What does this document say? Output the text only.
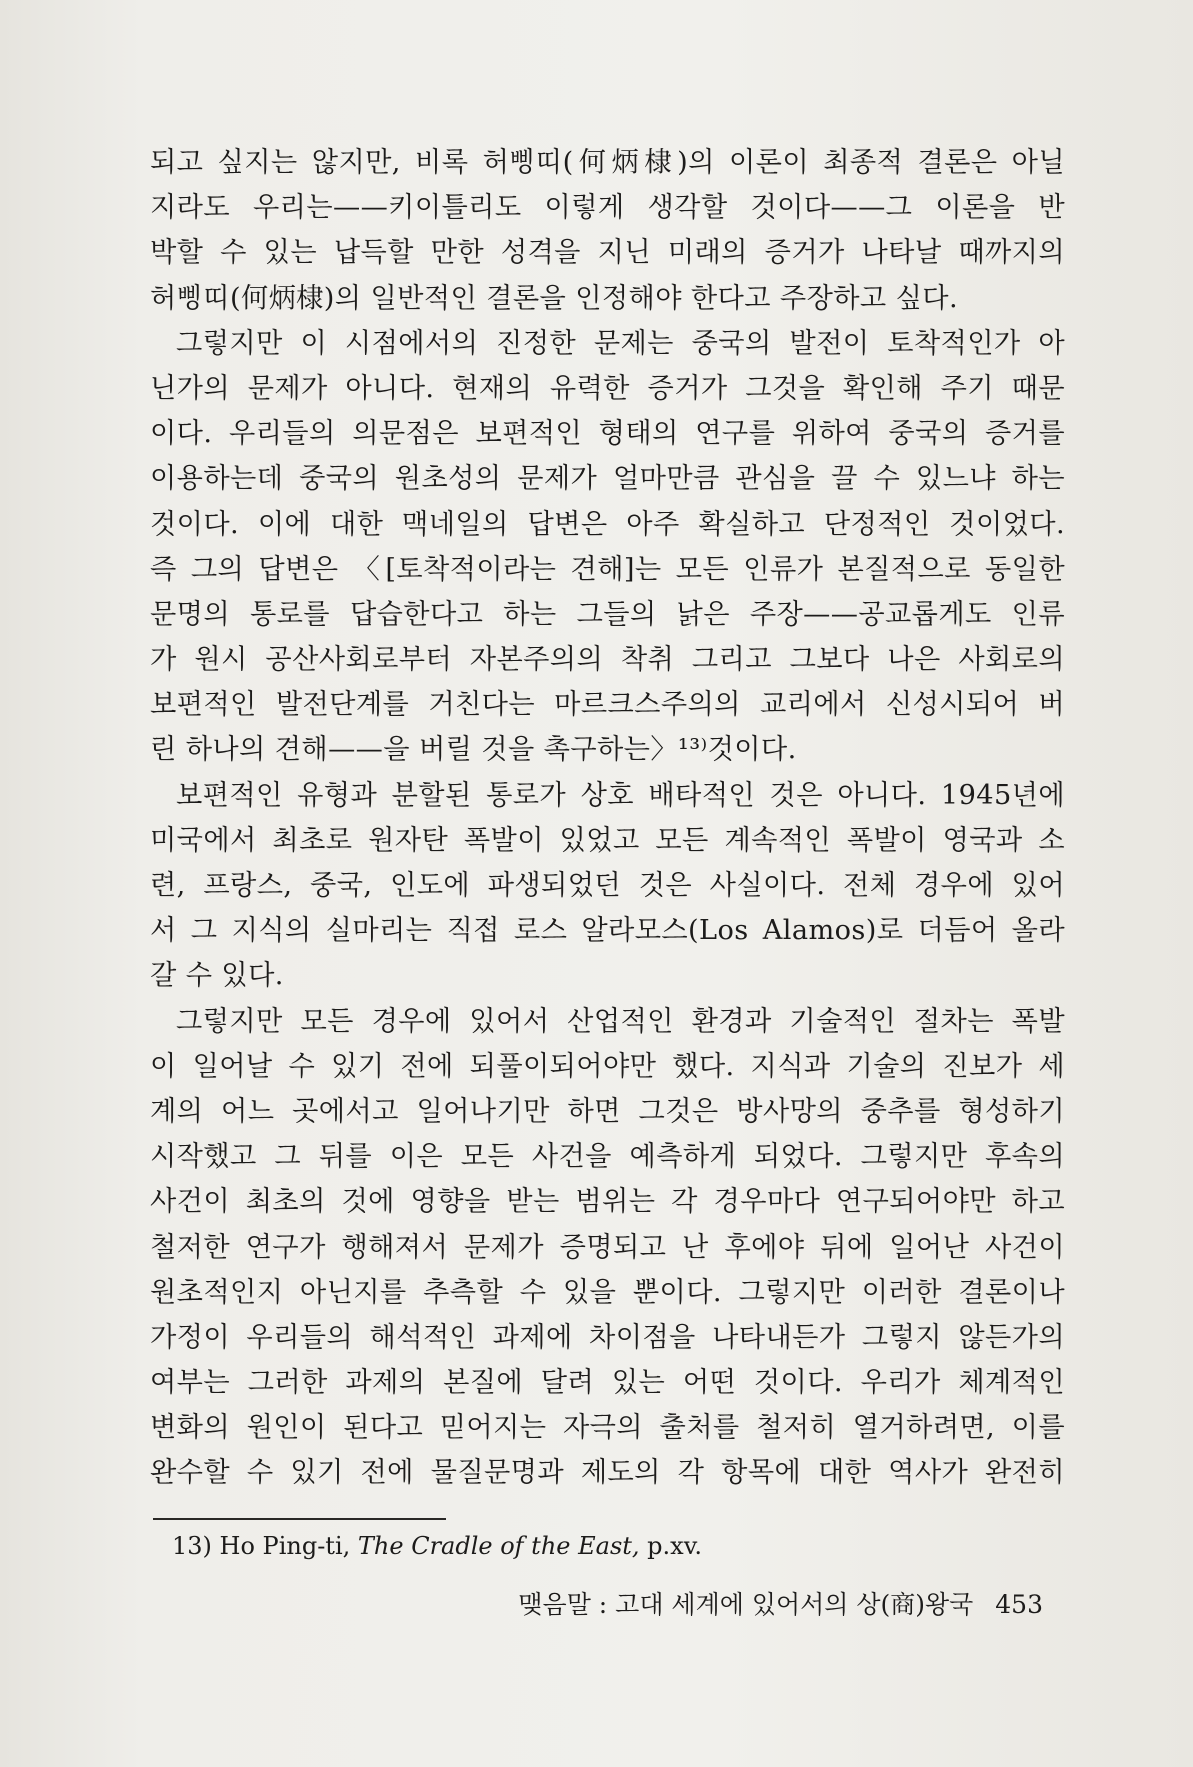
되고 싶지는 않지만, 비록 허삥띠(何炳棣)의 이론이 최종적 결론은 아닐
지라도 우리는——키이틀리도 이렇게 생각할 것이다——그 이론을 반
박할 수 있는 납득할 만한 성격을 지닌 미래의 증거가 나타날 때까지의
허삥띠(何炳棣)의 일반적인 결론을 인정해야 한다고 주장하고 싶다.
그렇지만 이 시점에서의 진정한 문제는 중국의 발전이 토착적인가 아
닌가의 문제가 아니다. 현재의 유력한 증거가 그것을 확인해 주기 때문
이다. 우리들의 의문점은 보편적인 형태의 연구를 위하여 중국의 증거를
이용하는데 중국의 원초성의 문제가 얼마만큼 관심을 끌 수 있느냐 하는
것이다. 이에 대한 맥네일의 답변은 아주 확실하고 단정적인 것이었다.
즉 그의 답변은 〈[토착적이라는 견해]는 모든 인류가 본질적으로 동일한
문명의 통로를 답습한다고 하는 그들의 낡은 주장——공교롭게도 인류
가 원시 공산사회로부터 자본주의의 착취 그리고 그보다 나은 사회로의
보편적인 발전단계를 거친다는 마르크스주의의 교리에서 신성시되어 버
린 하나의 견해——을 버릴 것을 촉구하는〉¹³⁾것이다.
보편적인 유형과 분할된 통로가 상호 배타적인 것은 아니다. 1945년에
미국에서 최초로 원자탄 폭발이 있었고 모든 계속적인 폭발이 영국과 소
련, 프랑스, 중국, 인도에 파생되었던 것은 사실이다. 전체 경우에 있어
서 그 지식의 실마리는 직접 로스 알라모스(Los Alamos)로 더듬어 올라
갈 수 있다.
그렇지만 모든 경우에 있어서 산업적인 환경과 기술적인 절차는 폭발
이 일어날 수 있기 전에 되풀이되어야만 했다. 지식과 기술의 진보가 세
계의 어느 곳에서고 일어나기만 하면 그것은 방사망의 중추를 형성하기
시작했고 그 뒤를 이은 모든 사건을 예측하게 되었다. 그렇지만 후속의
사건이 최초의 것에 영향을 받는 범위는 각 경우마다 연구되어야만 하고
철저한 연구가 행해져서 문제가 증명되고 난 후에야 뒤에 일어난 사건이
원초적인지 아닌지를 추측할 수 있을 뿐이다. 그렇지만 이러한 결론이나
가정이 우리들의 해석적인 과제에 차이점을 나타내든가 그렇지 않든가의
여부는 그러한 과제의 본질에 달려 있는 어떤 것이다. 우리가 체계적인
변화의 원인이 된다고 믿어지는 자극의 출처를 철저히 열거하려면, 이를
완수할 수 있기 전에 물질문명과 제도의 각 항목에 대한 역사가 완전히
13) Ho Ping-ti, The Cradle of the East, p.xv.
맺음말 : 고대 세계에 있어서의 상(商)왕국 453
